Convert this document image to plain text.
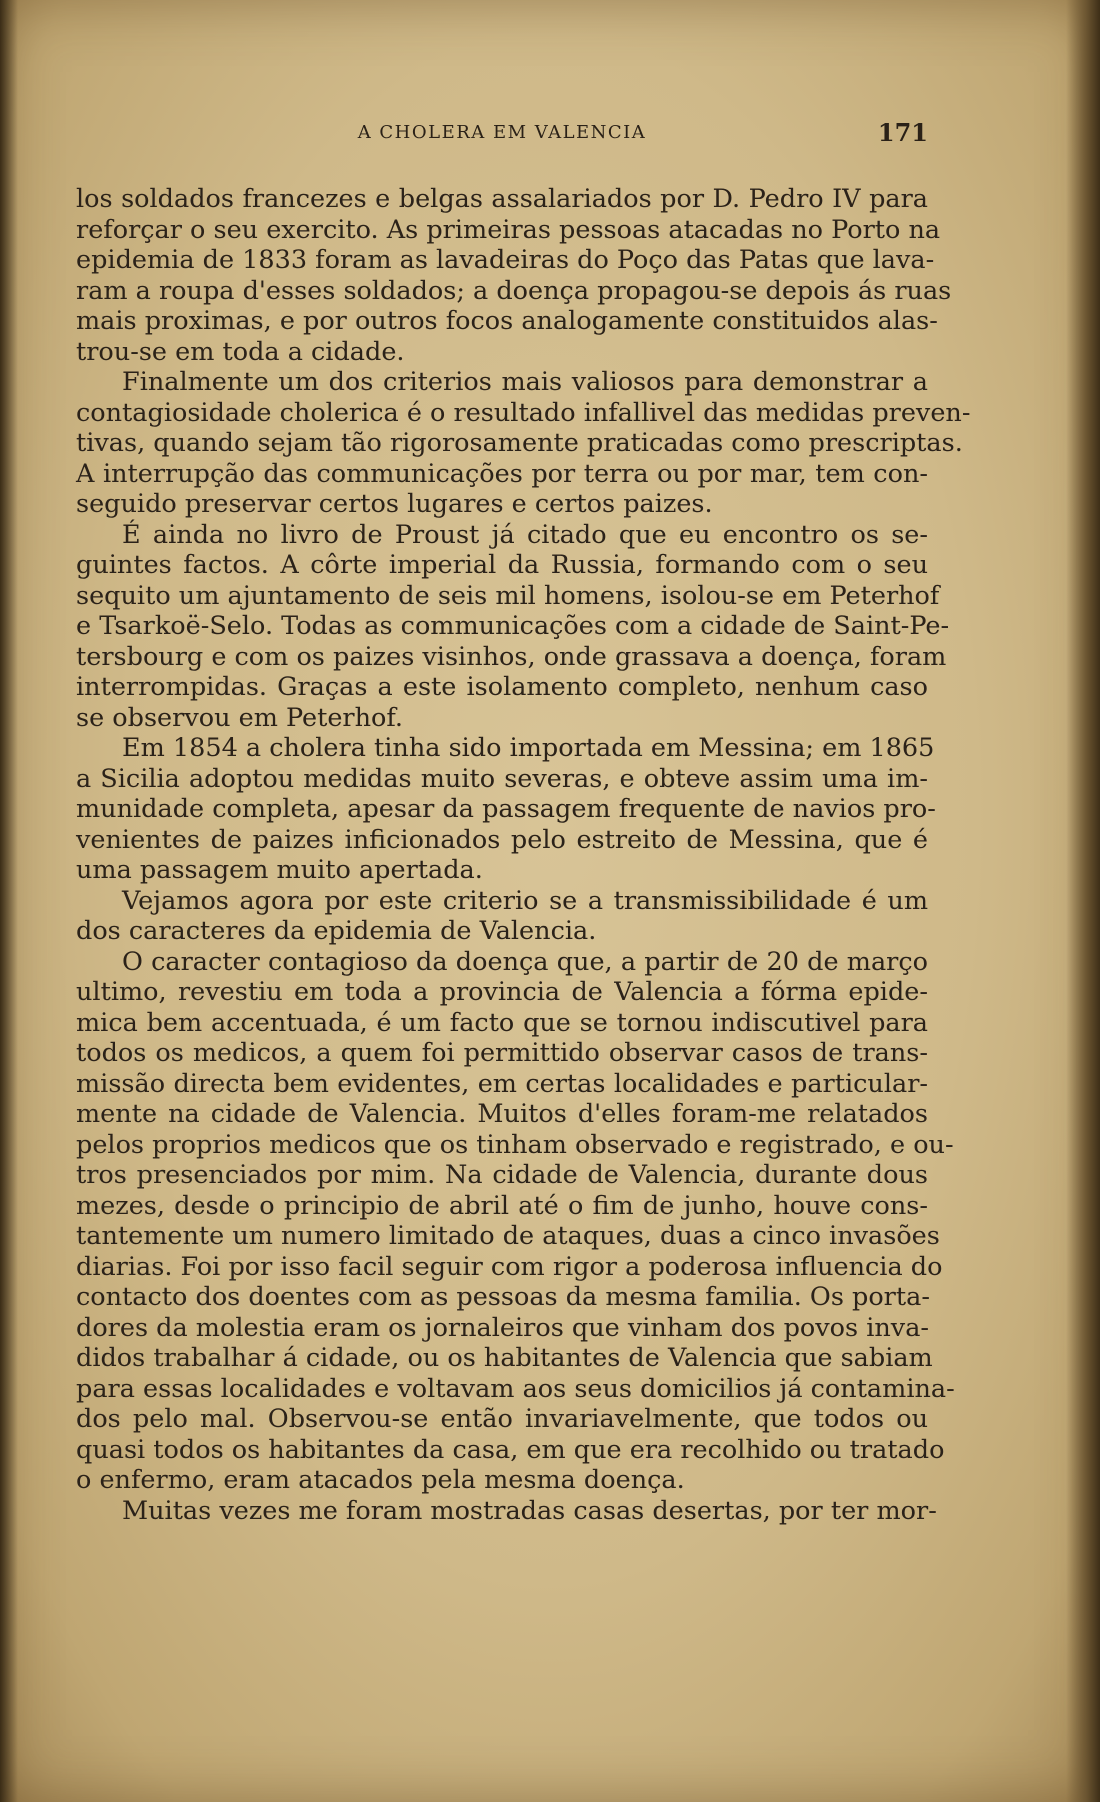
A CHOLERA EM VALENCIA	171
los soldados francezes e belgas assalariados por D. Pedro IV para
reforçar o seu exercito. As primeiras pessoas atacadas no Porto na
epidemia de 1833 foram as lavadeiras do Poço das Patas que lava-
ram a roupa d'esses soldados; a doença propagou-se depois ás ruas
mais proximas, e por outros focos analogamente constituidos alas-
trou-se em toda a cidade.
Finalmente um dos criterios mais valiosos para demonstrar a
contagiosidade cholerica é o resultado infallivel das medidas preven-
tivas, quando sejam tão rigorosamente praticadas como prescriptas.
A interrupção das communicações por terra ou por mar, tem con-
seguido preservar certos lugares e certos paizes.
É ainda no livro de Proust já citado que eu encontro os se-
guintes factos. A côrte imperial da Russia, formando com o seu
sequito um ajuntamento de seis mil homens, isolou-se em Peterhof
e Tsarkoë-Selo. Todas as communicações com a cidade de Saint-Pe-
tersbourg e com os paizes visinhos, onde grassava a doença, foram
interrompidas. Graças a este isolamento completo, nenhum caso
se observou em Peterhof.
Em 1854 a cholera tinha sido importada em Messina; em 1865
a Sicilia adoptou medidas muito severas, e obteve assim uma im-
munidade completa, apesar da passagem frequente de navios pro-
venientes de paizes inficionados pelo estreito de Messina, que é
uma passagem muito apertada.
Vejamos agora por este criterio se a transmissibilidade é um
dos caracteres da epidemia de Valencia.
O caracter contagioso da doença que, a partir de 20 de março
ultimo, revestiu em toda a provincia de Valencia a fórma epide-
mica bem accentuada, é um facto que se tornou indiscutivel para
todos os medicos, a quem foi permittido observar casos de trans-
missão directa bem evidentes, em certas localidades e particular-
mente na cidade de Valencia. Muitos d'elles foram-me relatados
pelos proprios medicos que os tinham observado e registrado, e ou-
tros presenciados por mim. Na cidade de Valencia, durante dous
mezes, desde o principio de abril até o fim de junho, houve cons-
tantemente um numero limitado de ataques, duas a cinco invasões
diarias. Foi por isso facil seguir com rigor a poderosa influencia do
contacto dos doentes com as pessoas da mesma familia. Os porta-
dores da molestia eram os jornaleiros que vinham dos povos inva-
didos trabalhar á cidade, ou os habitantes de Valencia que sabiam
para essas localidades e voltavam aos seus domicilios já contamina-
dos pelo mal. Observou-se então invariavelmente, que todos ou
quasi todos os habitantes da casa, em que era recolhido ou tratado
o enfermo, eram atacados pela mesma doença.
Muitas vezes me foram mostradas casas desertas, por ter mor-
